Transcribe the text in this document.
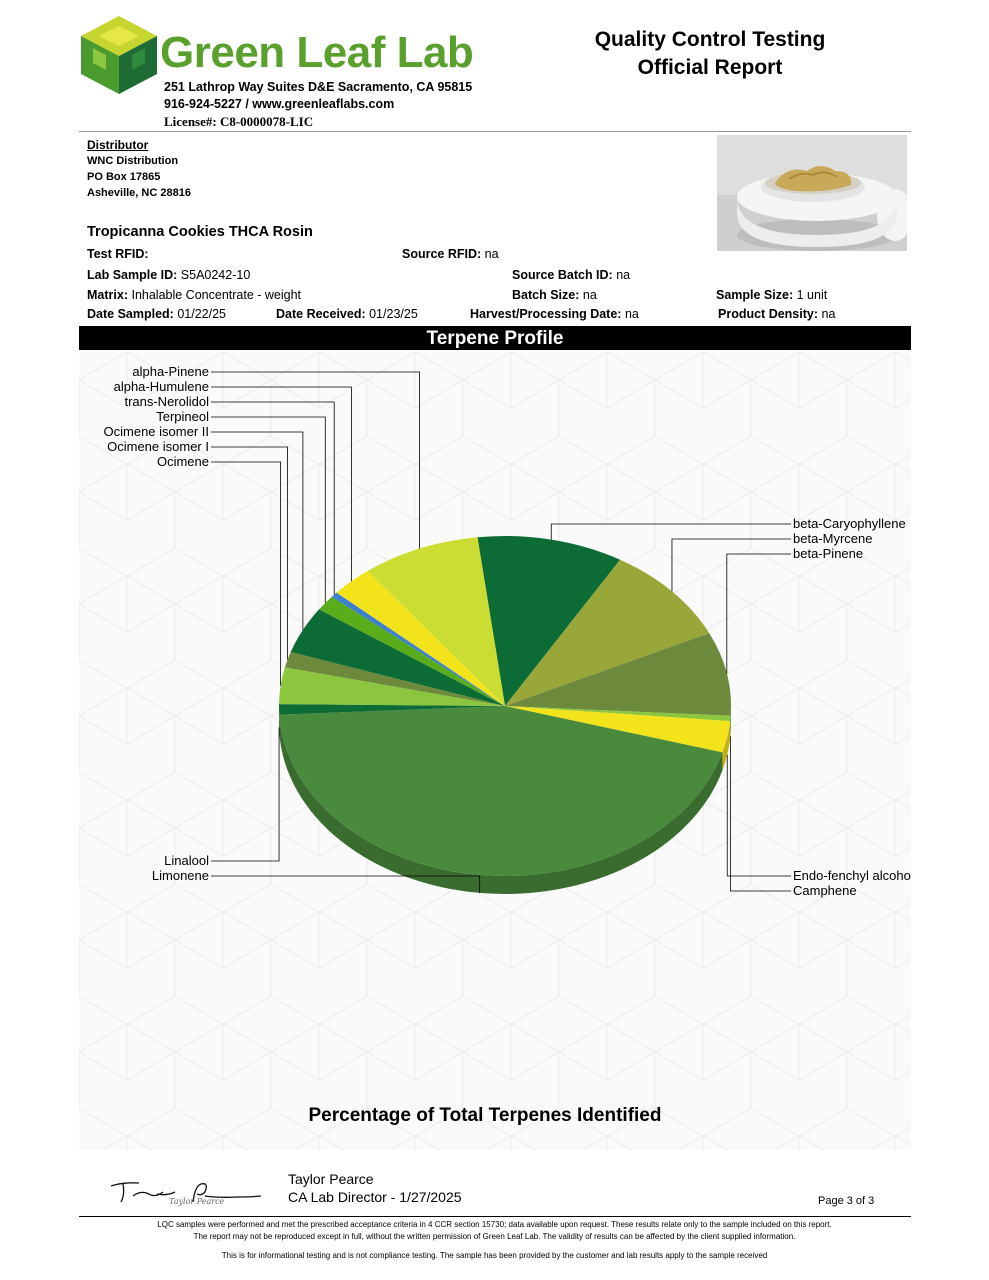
Green Leaf Lab
251 Lathrop Way Suites D&E Sacramento, CA 95815
916-924-5227 / www.greenleaflabs.com
License#: C8-0000078-LIC
Quality Control Testing
Official Report
Distributor
WNC Distribution
PO Box 17865
Asheville, NC 28816
Tropicanna Cookies THCA Rosin
Test RFID:	Source RFID: na
Lab Sample ID: S5A0242-10	Source Batch ID: na
Matrix: Inhalable Concentrate - weight	Batch Size: na	Sample Size: 1 unit
Date Sampled: 01/22/25	Date Received: 01/23/25	Harvest/Processing Date: na	Product Density: na
Terpene Profile
alpha-Pinene
alpha-Humulene
trans-Nerolidol
Terpineol
Ocimene isomer II
Ocimene isomer I
Ocimene
beta-Caryophyllene
beta-Myrcene
beta-Pinene
Endo-fenchyl alcohol
Camphene
Linalool
Limonene
Percentage of Total Terpenes Identified
Taylor Pearce
Taylor Pearce
CA Lab Director - 1/27/2025	Page 3 of 3
LQC samples were performed and met the prescribed acceptance criteria in 4 CCR section 15730; data available upon request. These results relate only to the sample included on this report.
The report may not be reproduced except in full, without the written permission of Green Leaf Lab. The validity of results can be affected by the client supplied information.
This is for informational testing and is not compliance testing. The sample has been provided by the customer and lab results apply to the sample received
